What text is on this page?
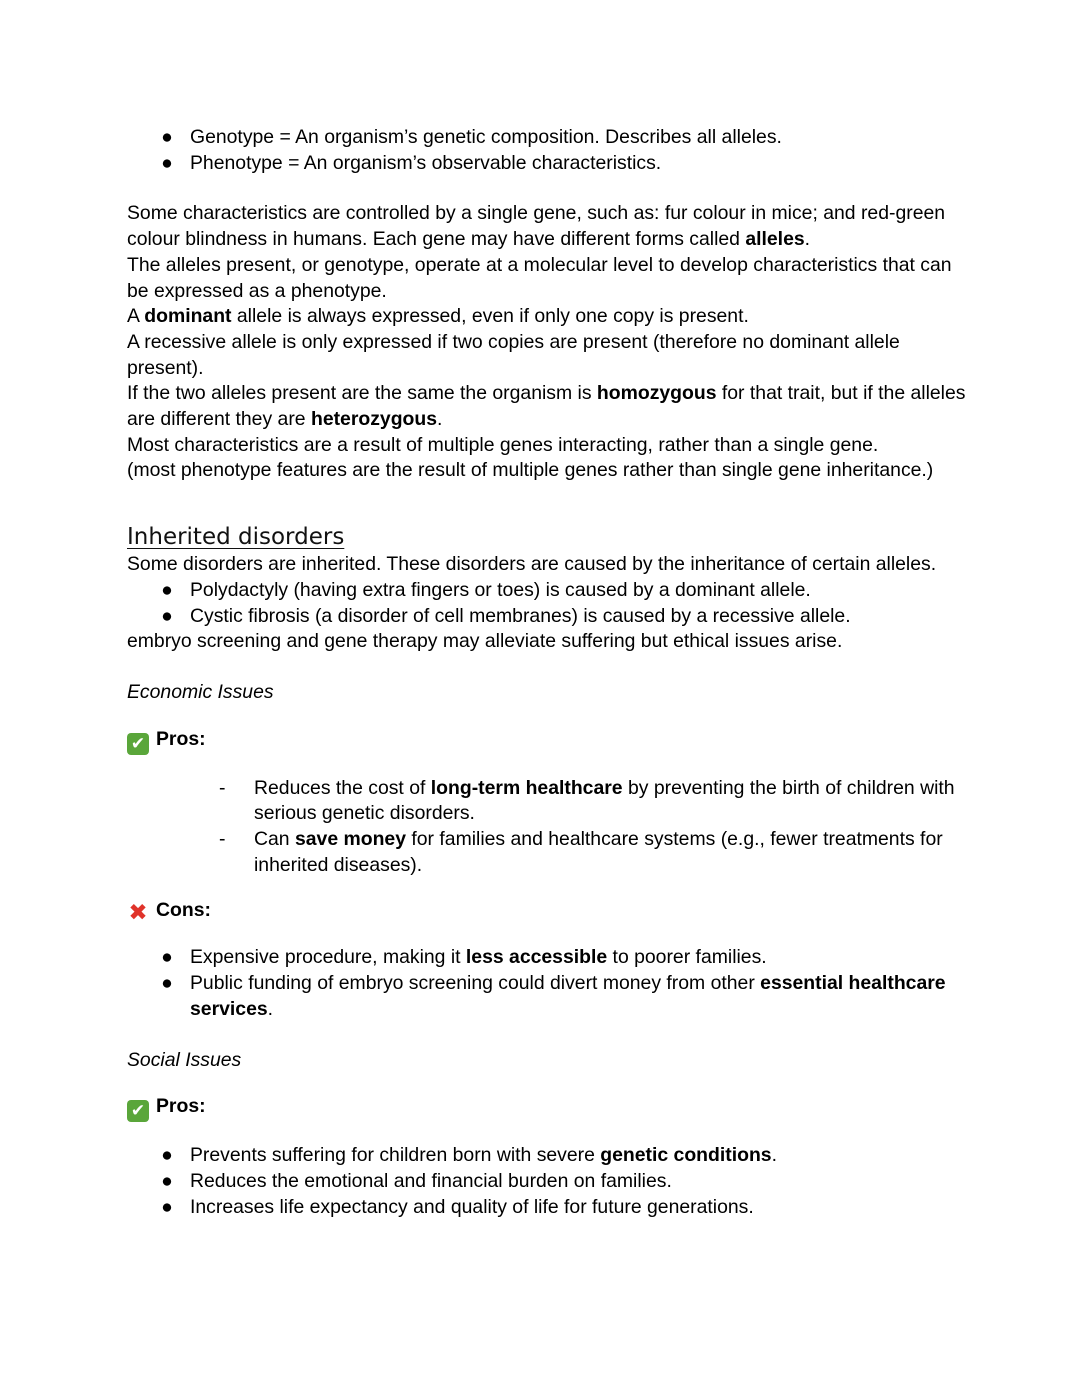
● Genotype = An organism’s genetic composition. Describes all alleles.
● Phenotype = An organism’s observable characteristics.

Some characteristics are controlled by a single gene, such as: fur colour in mice; and red-green colour blindness in humans. Each gene may have different forms called alleles.

The alleles present, or genotype, operate at a molecular level to develop characteristics that can be expressed as a phenotype.

A dominant allele is always expressed, even if only one copy is present.

A recessive allele is only expressed if two copies are present (therefore no dominant allele present).

If the two alleles present are the same the organism is homozygous for that trait, but if the alleles are different they are heterozygous.

Most characteristics are a result of multiple genes interacting, rather than a single gene.

(most phenotype features are the result of multiple genes rather than single gene inheritance.)

Inherited disorders

Some disorders are inherited. These disorders are caused by the inheritance of certain alleles.

● Polydactyly (having extra fingers or toes) is caused by a dominant allele.
● Cystic fibrosis (a disorder of cell membranes) is caused by a recessive allele.

embryo screening and gene therapy may alleviate suffering but ethical issues arise.

Economic Issues

✔ Pros:

- Reduces the cost of long-term healthcare by preventing the birth of children with serious genetic disorders.
- Can save money for families and healthcare systems (e.g., fewer treatments for inherited diseases).

✖ Cons:

● Expensive procedure, making it less accessible to poorer families.
● Public funding of embryo screening could divert money from other essential healthcare services.

Social Issues

✔ Pros:

● Prevents suffering for children born with severe genetic conditions.
● Reduces the emotional and financial burden on families.
● Increases life expectancy and quality of life for future generations.
